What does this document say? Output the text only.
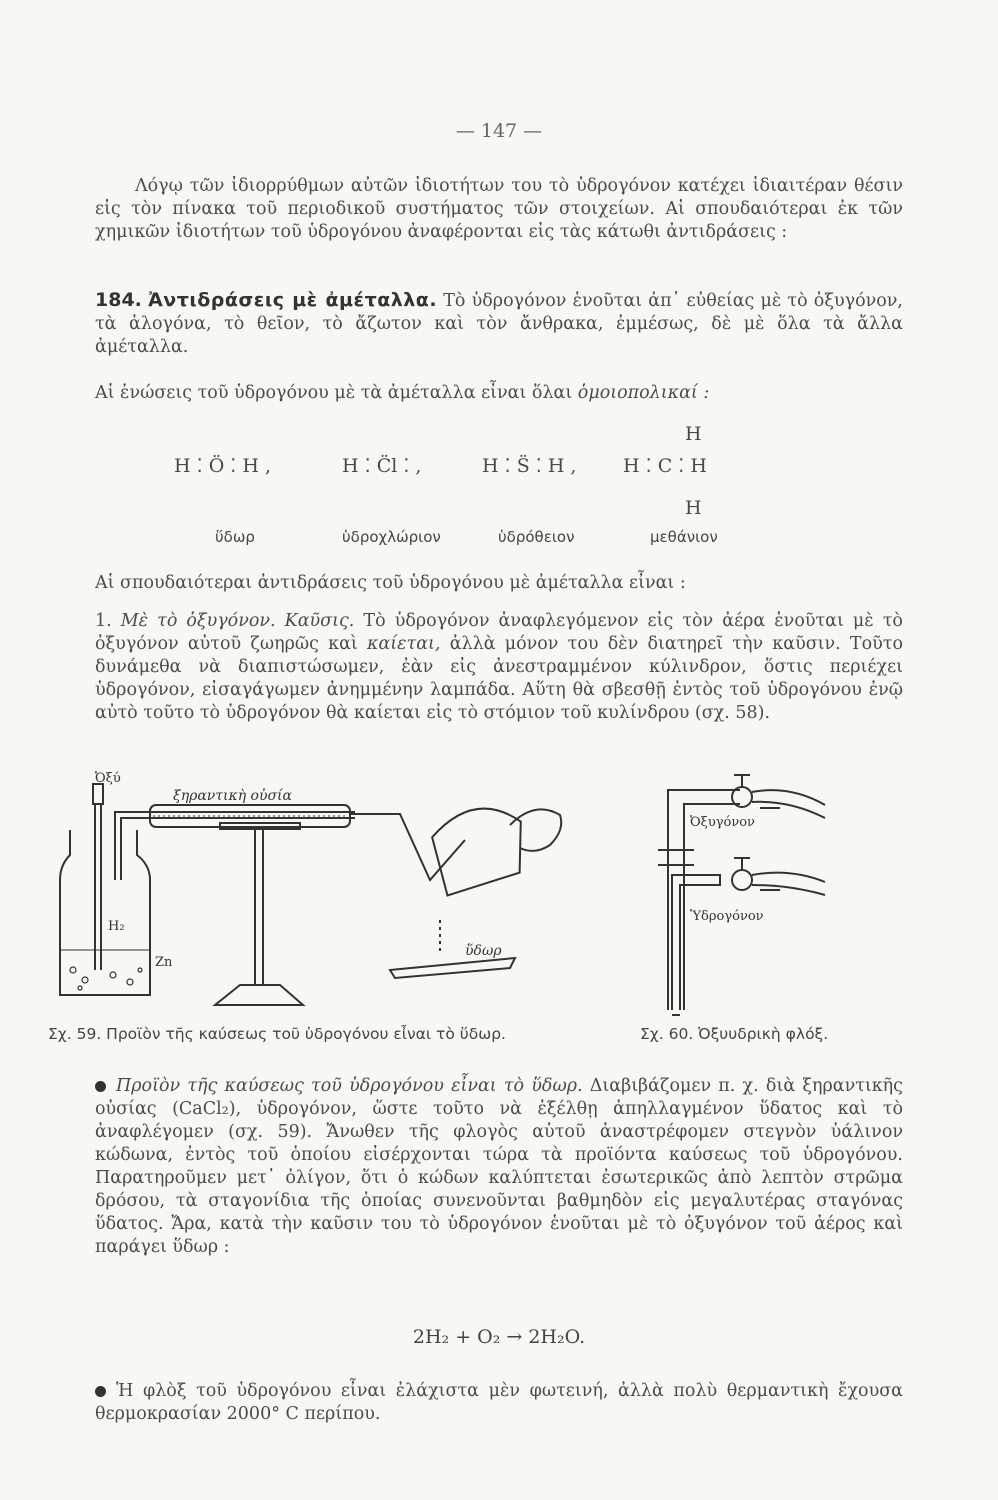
— 147 —

Λόγῳ τῶν ἰδιορρύθμων αὐτῶν ἰδιοτήτων του τὸ ὑδρογόνον κατέχει ἰδιαιτέραν θέσιν εἰς τὸν πίνακα τοῦ περιοδικοῦ συστήματος τῶν στοιχείων. Αἱ σπουδαιότεραι ἐκ τῶν χημικῶν ἰδιοτήτων τοῦ ὑδρογόνου ἀναφέρονται εἰς τὰς κάτωθι ἀντιδράσεις :

184. Ἀντιδράσεις μὲ ἀμέταλλα. Τὸ ὑδρογόνον ἑνοῦται ἀπ᾽ εὐθείας μὲ τὸ ὀξυγόνον, τὰ ἁλογόνα, τὸ θεῖον, τὸ ἄζωτον καὶ τὸν ἄνθρακα, ἐμμέσως, δὲ μὲ ὅλα τὰ ἄλλα ἀμέταλλα.

Αἱ ἑνώσεις τοῦ ὑδρογόνου μὲ τὰ ἀμέταλλα εἶναι ὅλαι ὁμοιοπολικαί :

H ⁚ Ö ⁚ H ,	H ⁚ C̈l ⁚ ,	H ⁚ S̈ ⁚ H , H ⁚ C ⁚ H
H
H
ὕδωρ	ὑδροχλώριον	ὑδρόθειον	μεθάνιον

Αἱ σπουδαιότεραι ἀντιδράσεις τοῦ ὑδρογόνου μὲ ἀμέταλλα εἶναι :

1. Μὲ τὸ ὀξυγόνον. Καῦσις. Τὸ ὑδρογόνον ἀναφλεγόμενον εἰς τὸν ἀέρα ἑνοῦται μὲ τὸ ὀξυγόνον αὐτοῦ ζωηρῶς καὶ καίεται, ἀλλὰ μόνον του δὲν διατηρεῖ τὴν καῦσιν. Τοῦτο δυνάμεθα νὰ διαπιστώσωμεν, ἐὰν εἰς ἀνεστραμμένον κύλινδρον, ὅστις περιέχει ὑδρογόνον, εἰσαγάγωμεν ἀνημμένην λαμπάδα. Αὕτη θὰ σβεσθῇ ἐντὸς τοῦ ὑδρογόνου ἐνῷ αὐτὸ τοῦτο τὸ ὑδρογόνον θὰ καίεται εἰς τὸ στόμιον τοῦ κυλίνδρου (σχ. 58).

Ὀξύ
ξηραντικὴ οὐσία
H₂
Zn
ὕδωρ
Ὀξυγόνον
Ὑδρογόνον
Σχ. 59. Προϊὸν τῆς καύσεως τοῦ ὑδρογόνου εἶναι τὸ ὕδωρ.	Σχ. 60. Ὀξυυδρικὴ φλόξ.

Προϊὸν τῆς καύσεως τοῦ ὑδρογόνου εἶναι τὸ ὕδωρ. Διαβιβάζομεν π. χ. διὰ ξηραντικῆς οὐσίας (CaCl₂), ὑδρογόνον, ὥστε τοῦτο νὰ ἐξέλθῃ ἀπηλλαγμένον ὕδατος καὶ τὸ ἀναφλέγομεν (σχ. 59). Ἄνωθεν τῆς φλογὸς αὐτοῦ ἀναστρέφομεν στεγνὸν ὑάλινον κώδωνα, ἐντὸς τοῦ ὁποίου εἰσέρχονται τώρα τὰ προϊόντα καύσεως τοῦ ὑδρογόνου. Παρατηροῦμεν μετ᾽ ὀλίγον, ὅτι ὁ κώδων καλύπτεται ἐσωτερικῶς ἀπὸ λεπτὸν στρῶμα δρόσου, τὰ σταγονίδια τῆς ὁποίας συνενοῦνται βαθμηδὸν εἰς μεγαλυτέρας σταγόνας ὕδατος. Ἄρα, κατὰ τὴν καῦσιν του τὸ ὑδρογόνον ἑνοῦται μὲ τὸ ὀξυγόνον τοῦ ἀέρος καὶ παράγει ὕδωρ :

2H₂ + O₂ → 2H₂O.

Ἡ φλὸξ τοῦ ὑδρογόνου εἶναι ἐλάχιστα μὲν φωτεινή, ἀλλὰ πολὺ θερμαντικὴ ἔχουσα θερμοκρασίαν 2000° C περίπου.
